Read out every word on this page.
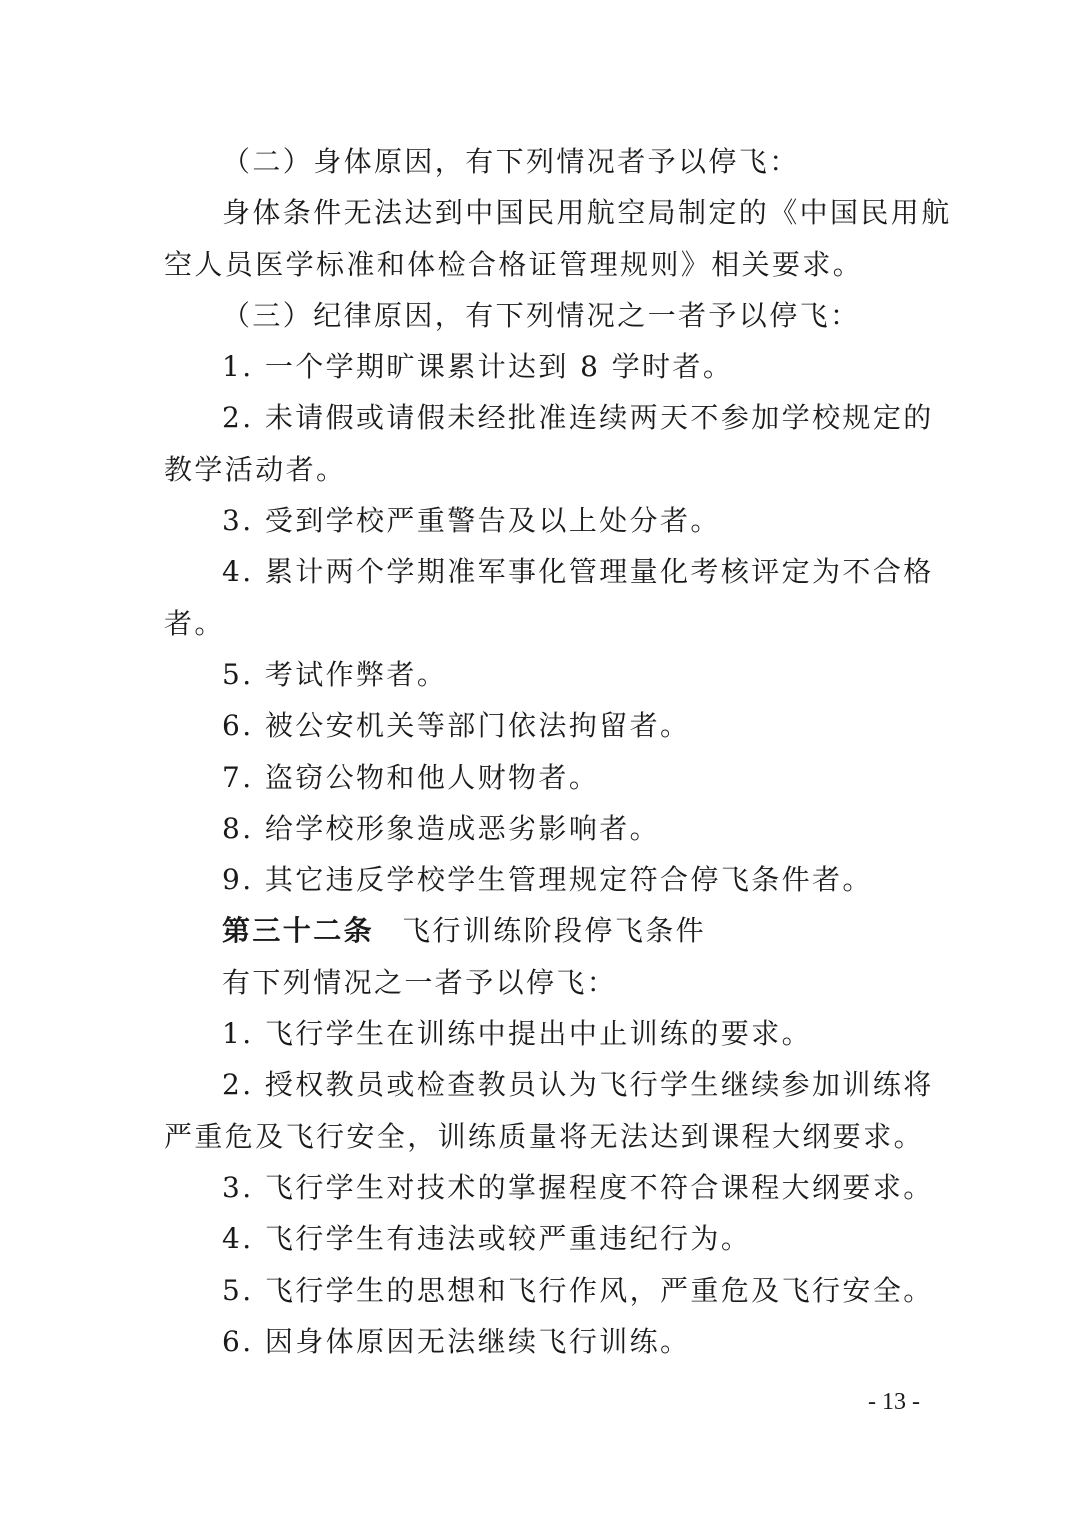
（二）身体原因，有下列情况者予以停飞：
身体条件无法达到中国民用航空局制定的《中国民用航
空人员医学标准和体检合格证管理规则》相关要求。
（三）纪律原因，有下列情况之一者予以停飞：
1. 一个学期旷课累计达到 8 学时者。
2. 未请假或请假未经批准连续两天不参加学校规定的
教学活动者。
3. 受到学校严重警告及以上处分者。
4. 累计两个学期准军事化管理量化考核评定为不合格
者。
5. 考试作弊者。
6. 被公安机关等部门依法拘留者。
7. 盗窃公物和他人财物者。
8. 给学校形象造成恶劣影响者。
9. 其它违反学校学生管理规定符合停飞条件者。
第三十二条 飞行训练阶段停飞条件
有下列情况之一者予以停飞：
1. 飞行学生在训练中提出中止训练的要求。
2. 授权教员或检查教员认为飞行学生继续参加训练将
严重危及飞行安全，训练质量将无法达到课程大纲要求。
3. 飞行学生对技术的掌握程度不符合课程大纲要求。
4. 飞行学生有违法或较严重违纪行为。
5. 飞行学生的思想和飞行作风，严重危及飞行安全。
6. 因身体原因无法继续飞行训练。
- 13 -
